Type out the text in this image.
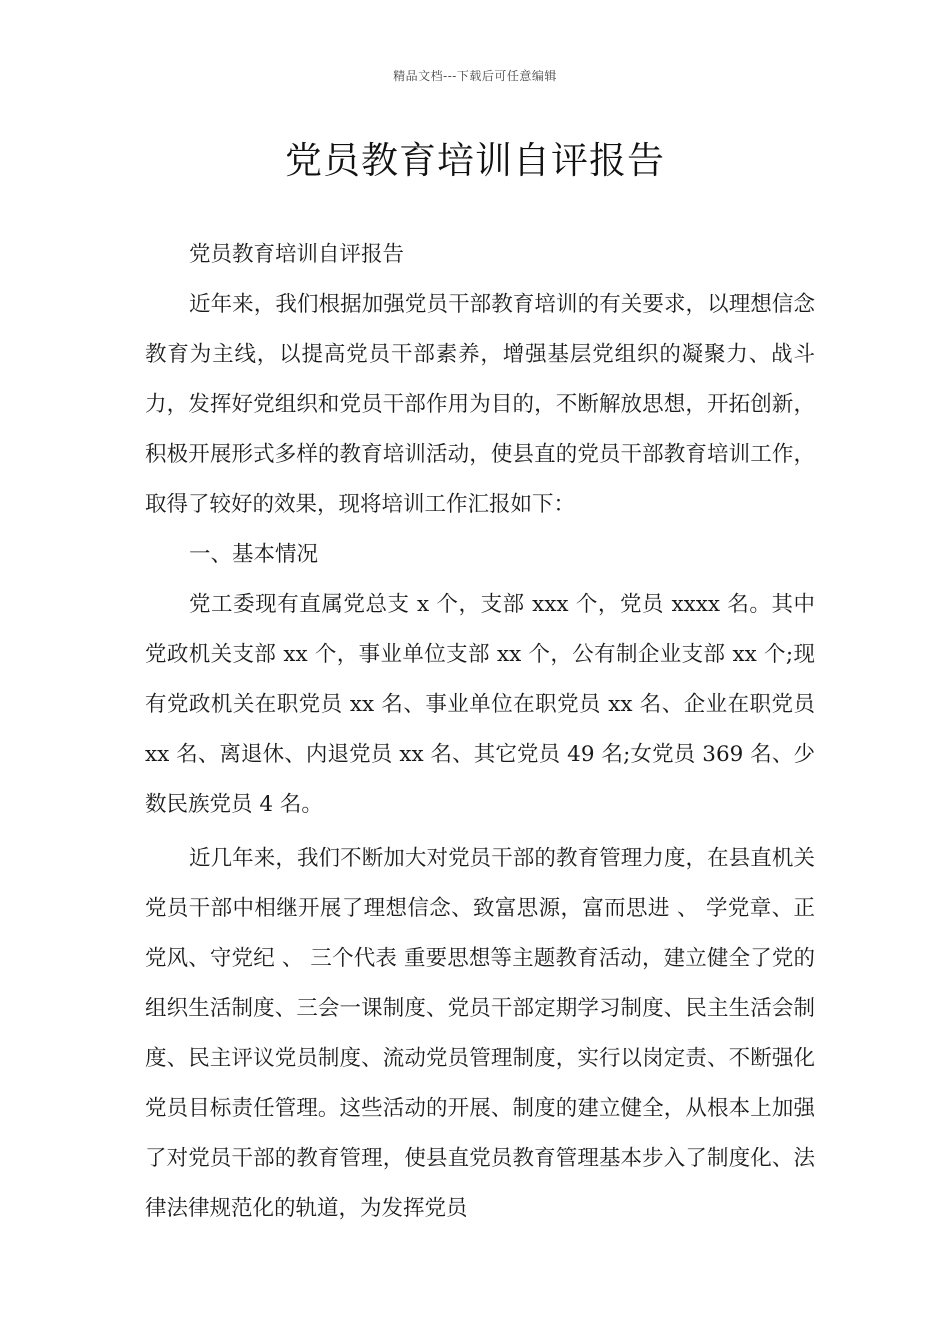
精品文档---下载后可任意编辑
党员教育培训自评报告

党员教育培训自评报告

近年来，我们根据加强党员干部教育培训的有关要求，以理想信念教育为主线，以提高党员干部素养，增强基层党组织的凝聚力、战斗力，发挥好党组织和党员干部作用为目的，不断解放思想，开拓创新，积极开展形式多样的教育培训活动，使县直的党员干部教育培训工作，取得了较好的效果，现将培训工作汇报如下：

一、基本情况

党工委现有直属党总支 x 个，支部 xxx 个，党员 xxxx 名。其中党政机关支部 xx 个，事业单位支部 xx 个，公有制企业支部 xx 个;现有党政机关在职党员 xx 名、事业单位在职党员 xx 名、企业在职党员 xx 名、离退休、内退党员 xx 名、其它党员 49 名;女党员 369 名、少数民族党员 4 名。

近几年来，我们不断加大对党员干部的教育管理力度，在县直机关党员干部中相继开展了理想信念、致富思源，富而思进 、 学党章、正党风、守党纪 、 三个代表 重要思想等主题教育活动，建立健全了党的组织生活制度、三会一课制度、党员干部定期学习制度、民主生活会制度、民主评议党员制度、流动党员管理制度，实行以岗定责、不断强化党员目标责任管理。这些活动的开展、制度的建立健全，从根本上加强了对党员干部的教育管理，使县直党员教育管理基本步入了制度化、法律法律规范化的轨道，为发挥党员
